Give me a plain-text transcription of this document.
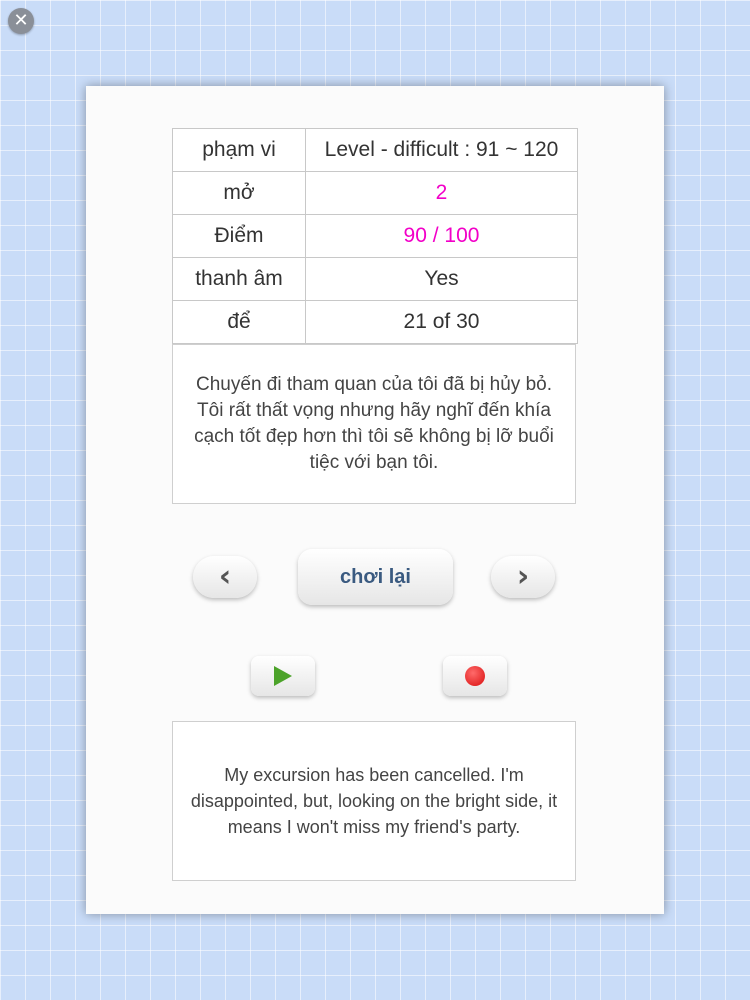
✕
phạm vi	Level - difficult : 91 ~ 120
mở	2
Điểm	90 / 100
thanh âm	Yes
để	21 of 30
Chuyến đi tham quan của tôi đã bị hủy bỏ. Tôi rất thất vọng nhưng hãy nghĩ đến khía cạch tốt đẹp hơn thì tôi sẽ không bị lỡ buổi tiệc với bạn tôi.
‹	chơi lại	›
My excursion has been cancelled. I'm disappointed, but, looking on the bright side, it means I won't miss my friend's party.
